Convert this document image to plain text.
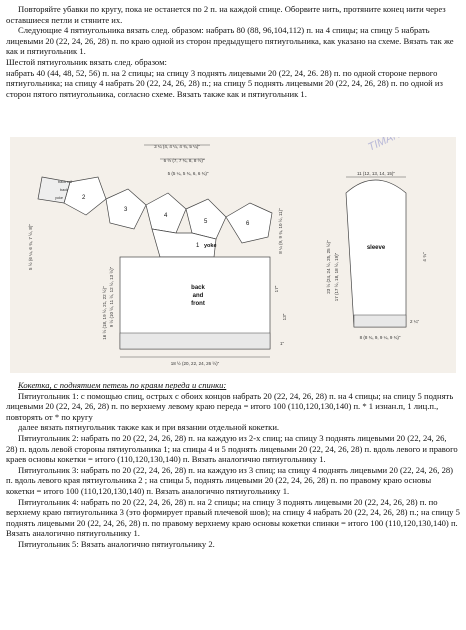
Повторяйте убавки по кругу, пока не останется по 2 п. на каждой спице. Оборвите нить, протяните конец нити через оставшиеся петли и стяните их.

Следующие 4 пятиугольника вязать след. образом: набрать 80 (88, 96,104,112) п. на 4 спицы; на спицу 5 набрать лицевыми 20 (22, 24, 26, 28) п. по краю одной из сторон предыдущего пятиугольника, как указано на схеме. Вязать так же как и пятиугольник 1.

Шестой пятиугольник вязать след. образом:

набрать 40 (44, 48, 52, 56) п. на 2 спицы; на спицу 3 поднять лицевыми 20 (22, 24, 26. 28) п. по одной стороне первого пятиугольника; на спицу 4 набрать 20 (22, 24, 26, 28) п.; на спицу 5 поднять лицевыми 20 (22, 24, 26, 28) п. по одной из сторон пятого пятиугольника, согласно схеме. Вязать также как и пятиугольник 1.

TIMANIT
3 ¼ (4, 4 ¼, 4 ¾, 5 ¼)"
6 ½ (7, 7 ¾, 8, 8 ½)"
5 (5 ¼, 5 ¾, 6, 6 ¾)"
back roll
back
yoke	2
3
4
5	6
1 yoke
5 ½ (6 ¼, 6 ¾, 7 ½, 8)"	8 ¼ (9, 9 ¾, 10 ½, 11)"
back
and
front
9 ½ (10 ½, 11 ½, 12 ½, 13 ½)"
16 ½ (18, 19 ½, 21, 22 ½)"
18 ½ (20, 22, 24, 26 ½)"
17"
13"
1"
11 (12, 13, 14, 15)"
sleeve
23 ½ (24, 24 ½, 25, 25 ½)" 17 (17 ½, 18, 18 ½, 19)"
2 ¼"
8 (8 ¾, 9, 9 ¼, 9 ¾)"
4 ¾"

Кокетка, с поднятием петель по краям переда и спинки:

Пятиугольник 1: с помощью спиц, острых с обоих концов набрать 20 (22, 24, 26, 28) п. на 4 спицы; на спицу 5 поднять лицевыми 20 (22, 24, 26, 28) п. по верхнему левому краю переда = итого 100 (110,120,130,140) п. * 1 изнан.п, 1 лиц.п., повторять от * по кругу

далее вязать пятиугольник также как и при вязании отдельной кокетки.

Пятиугольник 2: набрать по 20 (22, 24, 26, 28) п. на каждую из 2-х спиц; на спицу 3 поднять лицевыми 20 (22, 24, 26, 28) п. вдоль левой стороны пятиугольника 1; на спицы 4 и 5 поднять лицевыми 20 (22, 24, 26, 28) п. вдоль левого и правого краев основы кокетки = итого (110,120,130,140) п. Вязать аналогично пятиугольнику 1.

Пятиугольник 3: набрать по 20 (22, 24, 26, 28) п. на каждую из 3 спиц; на спицу 4 поднять лицевыми 20 (22, 24, 26, 28) п. вдоль левого края пятиугольника 2 ; на спицы 5, поднять лицевыми 20 (22, 24, 26, 28) п. по правому краю основы кокетки = итого 100 (110,120,130,140) п. Вязать аналогично пятиугольнику 1.

Пятиугольник 4: набрать по 20 (22, 24, 26, 28) п. на 2 спицы; на спицу 3 поднять лицевыми 20 (22, 24, 26, 28) п. по верхнему краю пятиугольника 3 (это формирует правый плечевой шов); на спицу 4 набрать 20 (22, 24, 26, 28) п.; на спицу 5 поднять лицевыми 20 (22, 24, 26, 28) п. по правому верхнему краю основы кокетки спинки = итого 100 (110,120,130,140) п. Вязать аналогично пятиугольнику 1.

Пятиугольник 5: Вязать аналогично пятиугольнику 2.
